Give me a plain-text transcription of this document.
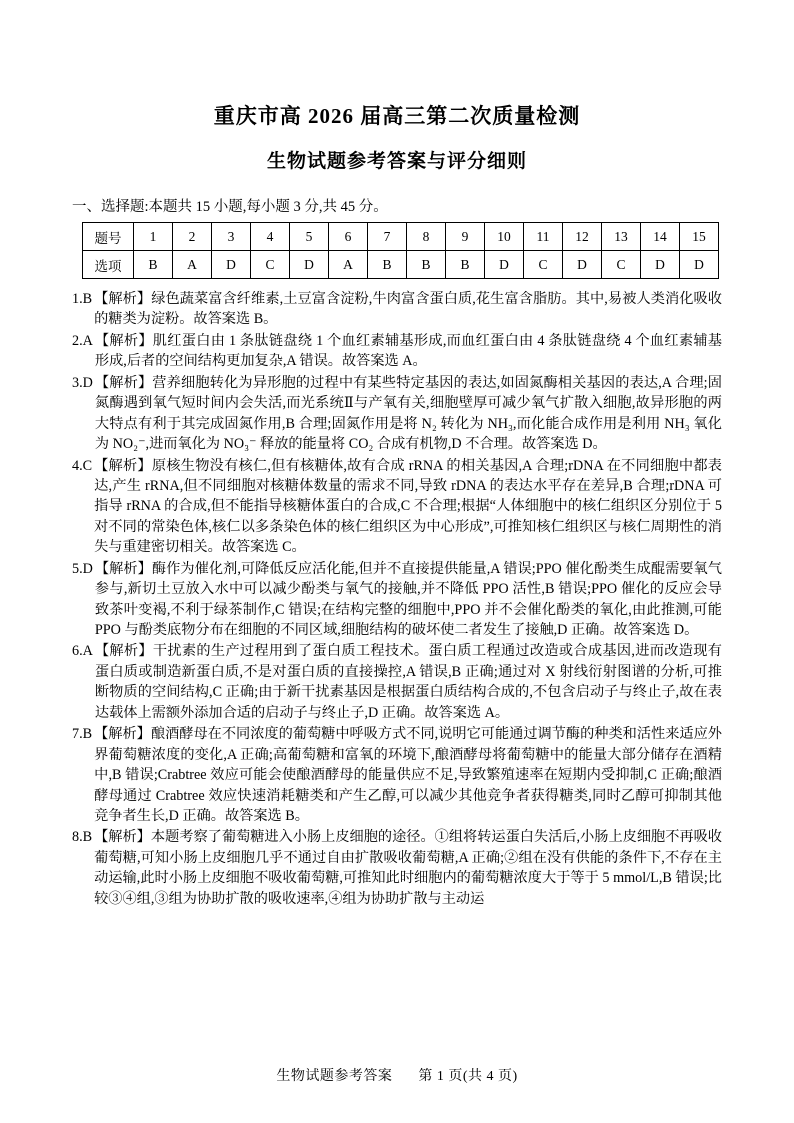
重庆市高 2026 届高三第二次质量检测
生物试题参考答案与评分细则
一、选择题:本题共 15 小题,每小题 3 分,共 45 分。
题号	1	2	3	4	5	6	7	8	9	10	11	12	13	14	15
选项	B	A	D	C	D	A	B	B	B	D	C	D	C	D	D
1.B 【解析】绿色蔬菜富含纤维素,土豆富含淀粉,牛肉富含蛋白质,花生富含脂肪。其中,易被人类消化吸收的糖类为淀粉。故答案选 B。
2.A 【解析】肌红蛋白由 1 条肽链盘绕 1 个血红素辅基形成,而血红蛋白由 4 条肽链盘绕 4 个血红素辅基形成,后者的空间结构更加复杂,A 错误。故答案选 A。
3.D 【解析】营养细胞转化为异形胞的过程中有某些特定基因的表达,如固氮酶相关基因的表达,A 合理;固氮酶遇到氧气短时间内会失活,而光系统Ⅱ与产氧有关,细胞壁厚可减少氧气扩散入细胞,故异形胞的两大特点有利于其完成固氮作用,B 合理;固氮作用是将 N₂ 转化为 NH₃,而化能合成作用是利用 NH₃ 氧化为 NO₂⁻,进而氧化为 NO₃⁻ 释放的能量将 CO₂ 合成有机物,D 不合理。故答案选 D。
4.C 【解析】原核生物没有核仁,但有核糖体,故有合成 rRNA 的相关基因,A 合理;rDNA 在不同细胞中都表达,产生 rRNA,但不同细胞对核糖体数量的需求不同,导致 rDNA 的表达水平存在差异,B 合理;rDNA 可指导 rRNA 的合成,但不能指导核糖体蛋白的合成,C 不合理;根据“人体细胞中的核仁组织区分别位于 5 对不同的常染色体,核仁以多条染色体的核仁组织区为中心形成”,可推知核仁组织区与核仁周期性的消失与重建密切相关。故答案选 C。
5.D 【解析】酶作为催化剂,可降低反应活化能,但并不直接提供能量,A 错误;PPO 催化酚类生成醌需要氧气参与,新切土豆放入水中可以减少酚类与氧气的接触,并不降低 PPO 活性,B 错误;PPO 催化的反应会导致茶叶变褐,不利于绿茶制作,C 错误;在结构完整的细胞中,PPO 并不会催化酚类的氧化,由此推测,可能 PPO 与酚类底物分布在细胞的不同区域,细胞结构的破坏使二者发生了接触,D 正确。故答案选 D。
6.A 【解析】干扰素的生产过程用到了蛋白质工程技术。蛋白质工程通过改造或合成基因,进而改造现有蛋白质或制造新蛋白质,不是对蛋白质的直接操控,A 错误,B 正确;通过对 X 射线衍射图谱的分析,可推断物质的空间结构,C 正确;由于新干扰素基因是根据蛋白质结构合成的,不包含启动子与终止子,故在表达载体上需额外添加合适的启动子与终止子,D 正确。故答案选 A。
7.B 【解析】酿酒酵母在不同浓度的葡萄糖中呼吸方式不同,说明它可能通过调节酶的种类和活性来适应外界葡萄糖浓度的变化,A 正确;高葡萄糖和富氧的环境下,酿酒酵母将葡萄糖中的能量大部分储存在酒精中,B 错误;Crabtree 效应可能会使酿酒酵母的能量供应不足,导致繁殖速率在短期内受抑制,C 正确;酿酒酵母通过 Crabtree 效应快速消耗糖类和产生乙醇,可以减少其他竞争者获得糖类,同时乙醇可抑制其他竞争者生长,D 正确。故答案选 B。
8.B 【解析】本题考察了葡萄糖进入小肠上皮细胞的途径。①组将转运蛋白失活后,小肠上皮细胞不再吸收葡萄糖,可知小肠上皮细胞几乎不通过自由扩散吸收葡萄糖,A 正确;②组在没有供能的条件下,不存在主动运输,此时小肠上皮细胞不吸收葡萄糖,可推知此时细胞内的葡萄糖浓度大于等于 5 mmol/L,B 错误;比较③④组,③组为协助扩散的吸收速率,④组为协助扩散与主动运
生物试题参考答案 第 1 页(共 4 页)
